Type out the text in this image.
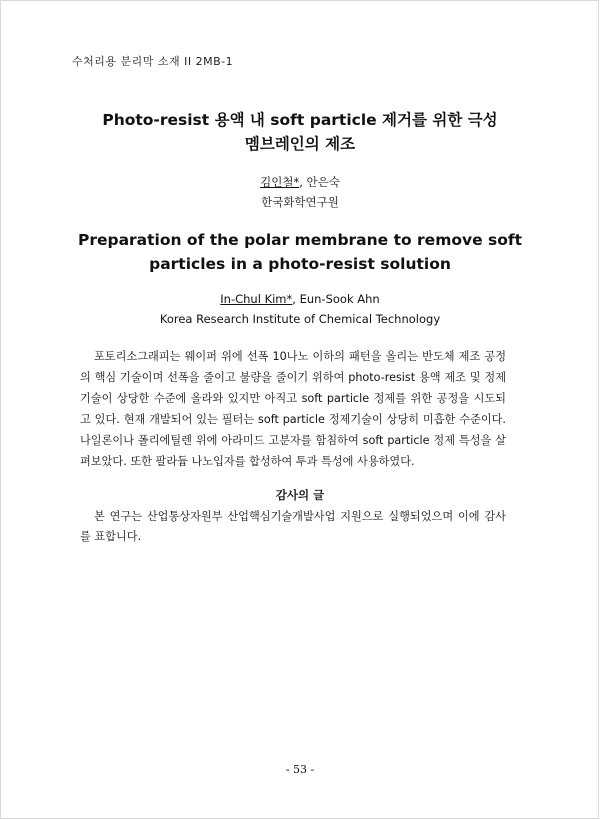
수처리용 분리막 소재 II 2MB-1
Photo-resist 용액 내 soft particle 제거를 위한 극성
멤브레인의 제조
김인철*, 안은숙
한국화학연구원
Preparation of the polar membrane to remove soft
particles in a photo-resist solution
In-Chul Kim*, Eun-Sook Ahn
Korea Research Institute of Chemical Technology

포토리소그래피는 웨이퍼 위에 선폭 10나노 이하의 패턴을 올리는 반도체 제조 공정의 핵심 기술이며 선폭을 줄이고 불량을 줄이기 위하여 photo-resist 용액 제조 및 정제 기술이 상당한 수준에 올라와 있지만 아직고 soft particle 정제를 위한 공정을 시도되고 있다. 현재 개발되어 있는 필터는 soft particle 정제기술이 상당히 미흡한 수준이다. 나일론이나 폴리에틸렌 위에 아라미드 고분자를 함침하여 soft particle 정제 특성을 살펴보았다. 또한 팔라듐 나노입자를 합성하여 투과 특성에 사용하였다.

감사의 글

본 연구는 산업통상자원부 산업핵심기술개발사업 지원으로 실행되었으며 이에 감사를 표합니다.

- 53 -
